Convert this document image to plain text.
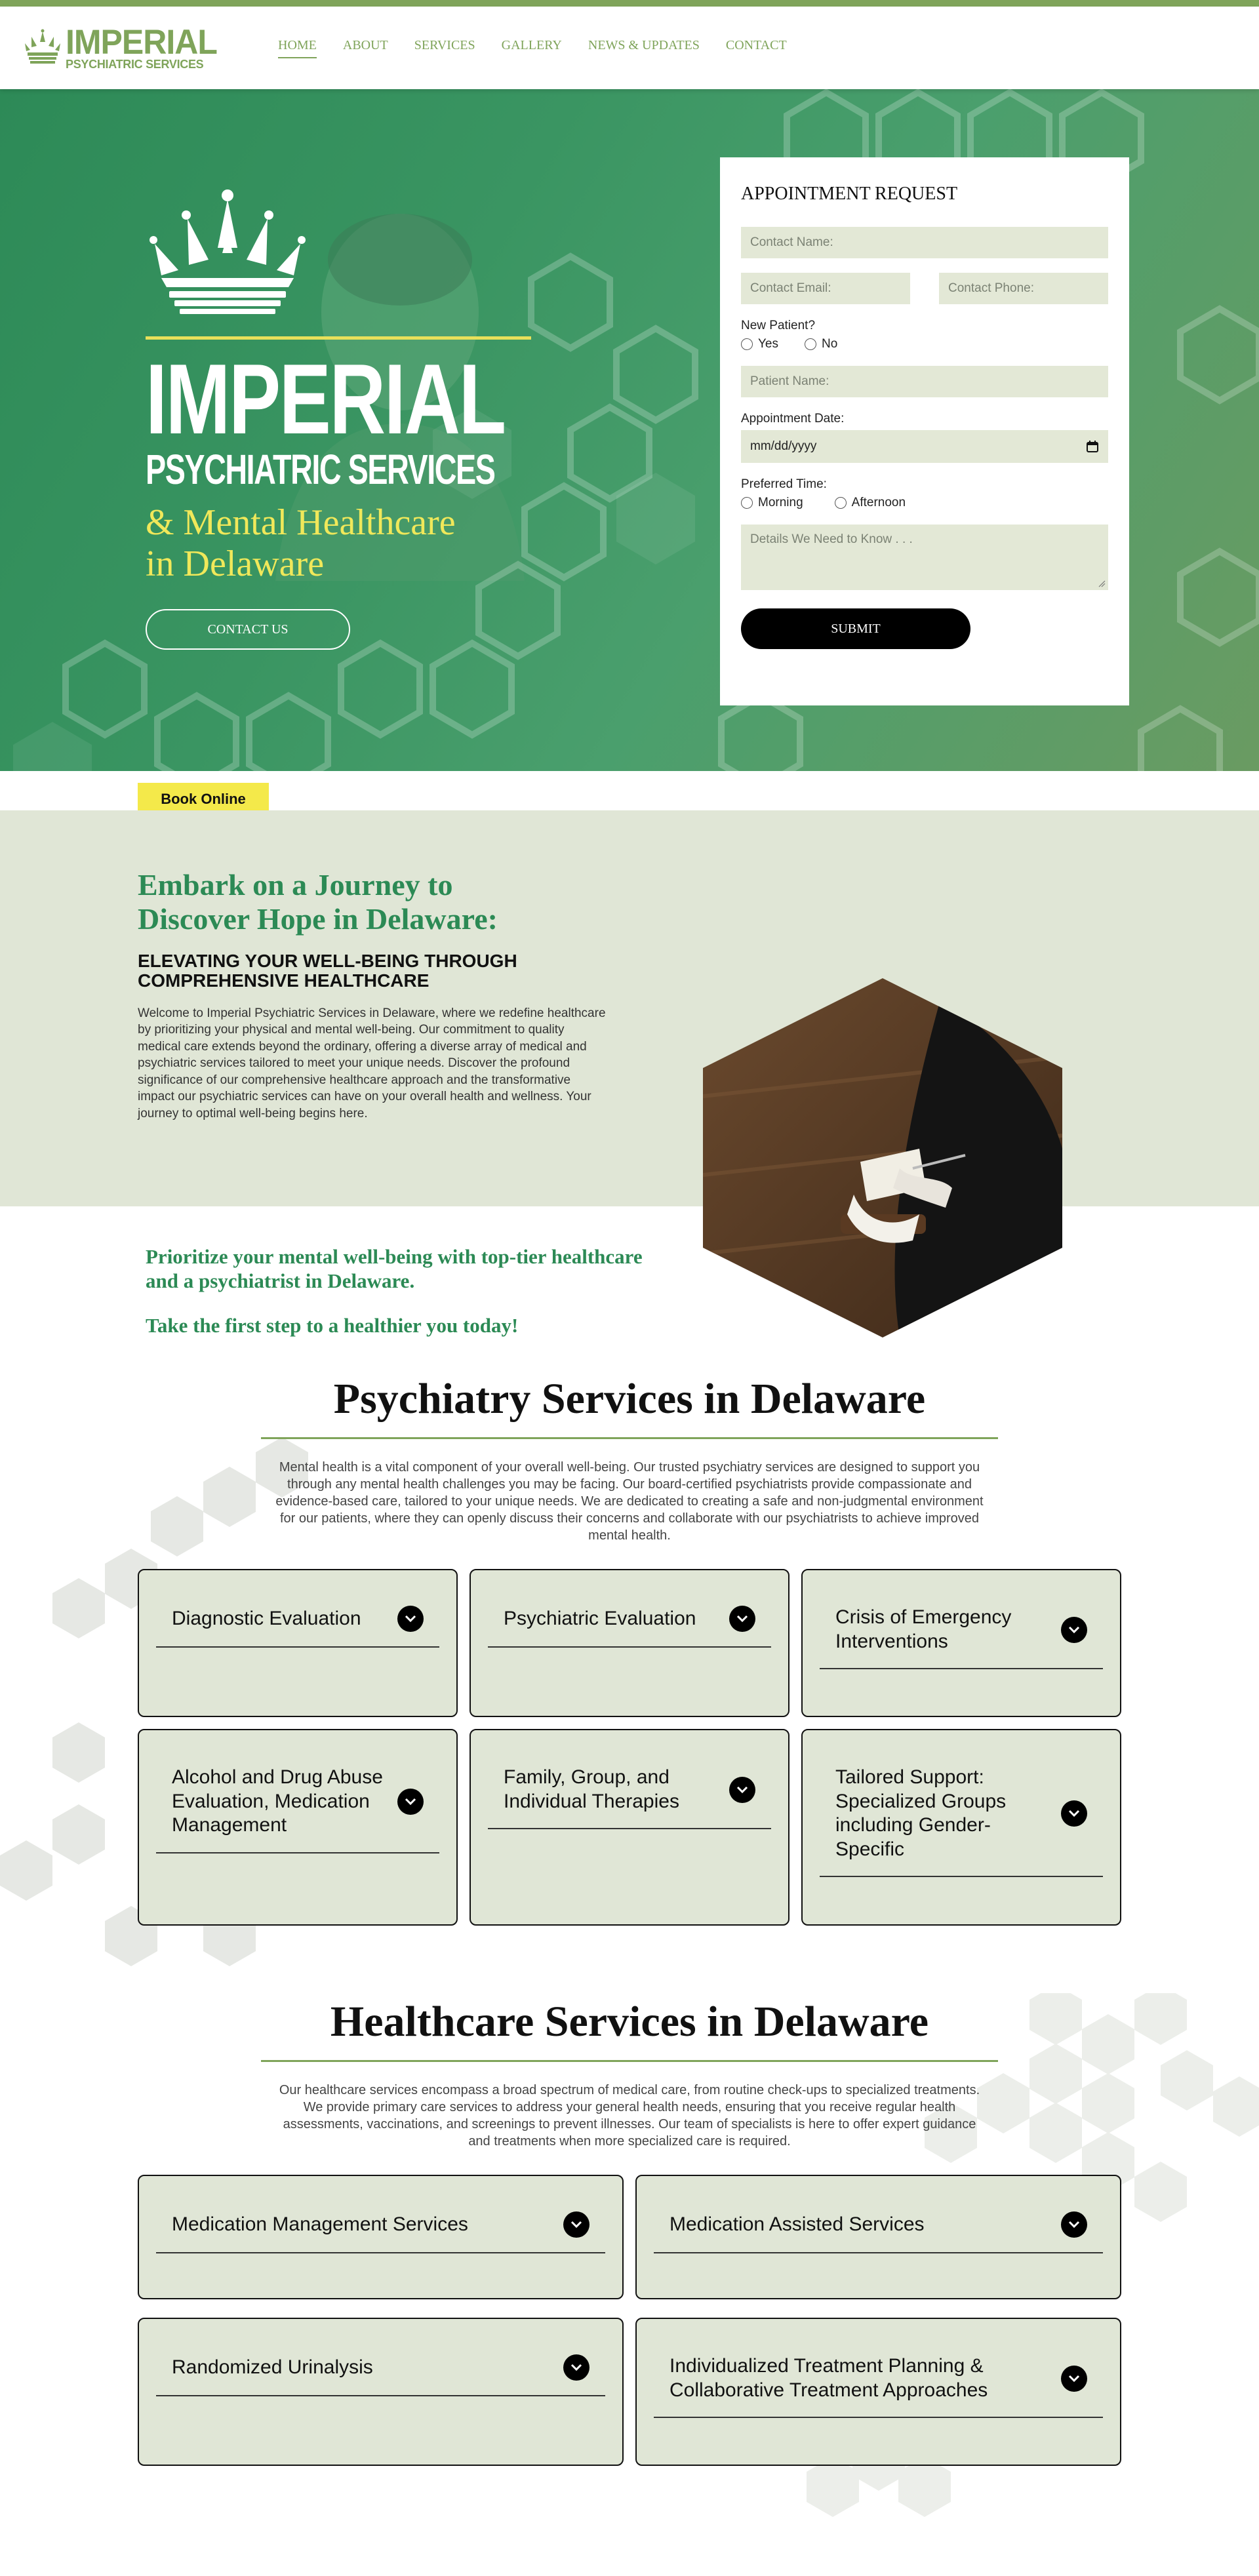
IMPERIAL
PSYCHIATRIC SERVICES
HOME ABOUT SERVICES GALLERY NEWS & UPDATES CONTACT
IMPERIAL
PSYCHIATRIC SERVICES
& Mental Healthcare
in Delaware
CONTACT US
APPOINTMENT REQUEST
Contact Name:
Contact Email:	Contact Phone:
New Patient?
Yes	No
Patient Name:
Appointment Date:
mm/dd/yyyy
Preferred Time:
Morning	Afternoon
Details We Need to Know . . .
SUBMIT
Book Online
Embark on a Journey to
Discover Hope in Delaware:
ELEVATING YOUR WELL-BEING THROUGH COMPREHENSIVE HEALTHCARE

Welcome to Imperial Psychiatric Services in Delaware, where we redefine healthcare by prioritizing your physical and mental well-being. Our commitment to quality medical care extends beyond the ordinary, offering a diverse array of medical and psychiatric services tailored to meet your unique needs. Discover the profound significance of our comprehensive healthcare approach and the transformative impact our psychiatric services can have on your overall health and wellness. Your journey to optimal well-being begins here.

Prioritize your mental well-being with top-tier healthcare and a psychiatrist in Delaware.
Take the first step to a healthier you today!
Psychiatry Services in Delaware

Mental health is a vital component of your overall well-being. Our trusted psychiatry services are designed to support you through any mental health challenges you may be facing. Our board-certified psychiatrists provide compassionate and evidence-based care, tailored to your unique needs. We are dedicated to creating a safe and non-judgmental environment for our patients, where they can openly discuss their concerns and collaborate with our psychiatrists to achieve improved mental health.

Diagnostic Evaluation	Psychiatric Evaluation	Crisis of Emergency Interventions
Alcohol and Drug Abuse Evaluation, Medication Management
Family, Group, and Individual Therapies
Tailored Support: Specialized Groups including Gender-Specific
Healthcare Services in Delaware

Our healthcare services encompass a broad spectrum of medical care, from routine check-ups to specialized treatments. We provide primary care services to address your general health needs, ensuring that you receive regular health assessments, vaccinations, and screenings to prevent illnesses. Our team of specialists is here to offer expert guidance and treatments when more specialized care is required.

Medication Management Services	Medication Assisted Services
Randomized Urinalysis	Individualized Treatment Planning & Collaborative Treatment Approaches
